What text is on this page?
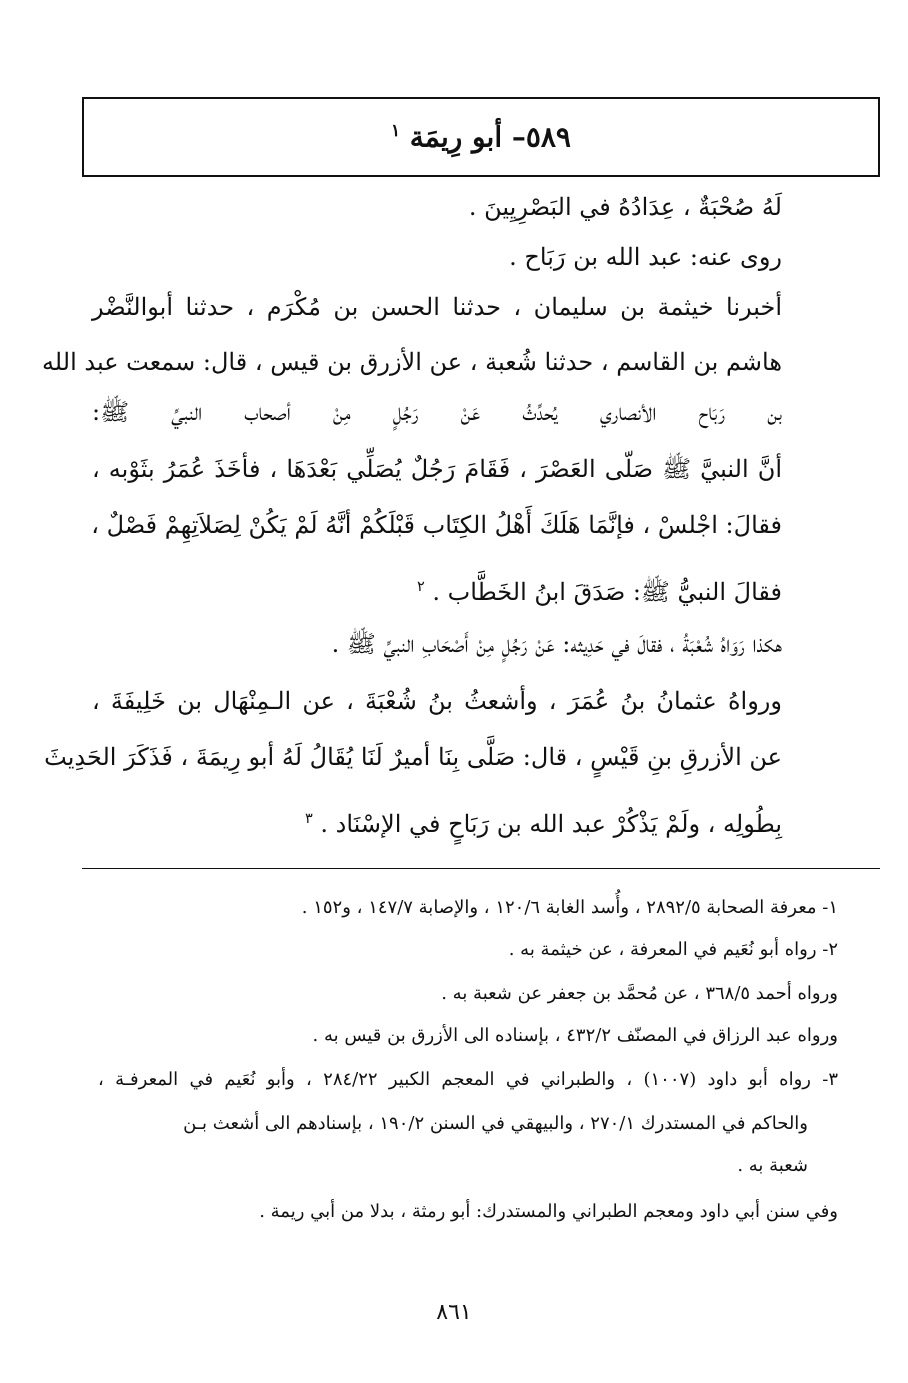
٥٨٩– أبو رِيمَة $^١$
لَهُ صُحْبَةٌ ، عِدَادُهُ في البَصْرِيِينَ .
روى عنه: عبد الله بن رَبَاح .
أخبرنا خيثمة بن سليمان ، حدثنا الحسن بن مُكْرَم ، حدثنا أبوالنَّضْر
هاشم بن القاسم ، حدثنا شُعبة ، عن الأزرق بن قيس ، قال: سمعت عبد الله
بن رَبَاح الأنصاري يُحدِّثُ عَنْ رَجُلٍ مِنْ أصحاب النبيِّ ﷺ:
أنَّ النبيَّ ﷺ صَلّى العَصْرَ ، فَقَامَ رَجُلٌ يُصَلِّي بَعْدَهَا ، فأخَذَ عُمَرُ بثَوْبه ،
فقالَ: اجْلسْ ، فإنَّمَا هَلَكَ أَهْلُ الكِتَاب قَبْلَكُمْ أنَّهُ لَمْ يَكُنْ لِصَلاَتِهِمْ فَصْلٌ ،
فقالَ النبيُّ ﷺ: صَدَقَ ابنُ الخَطَّاب . $^٢$
هكذا رَوَاهُ شُعْبَةُ ، فقالَ في حَدِيثه: عَنْ رَجُلٍ مِنْ أَصْحَابِ النبيِّ ﷺ .
ورواهُ عثمانُ بنُ عُمَرَ ، وأشعثُ بنُ شُعْبَةَ ، عن الـمِنْهَال بن خَلِيفَةَ ،
عن الأزرقِ بنِ قَيْسٍ ، قال: صَلَّى بِنَا أميرٌ لَنَا يُقَالُ لَهُ أبو رِيمَةَ ، فَذَكَرَ الحَدِيثَ
بِطُولِه ، ولَمْ يَذْكُرْ عبد الله بن رَبَاحٍ في الإسْنَاد . $^٣$
١- معرفة الصحابة ٢٨٩٢/٥ ، وأُسد الغابة ١٢٠/٦ ، والإصابة ١٤٧/٧ ، و١٥٢ .
٢- رواه أبو نُعَيم في المعرفة ، عن خيثمة به .
ورواه أحمد ٣٦٨/٥ ، عن مُحمَّد بن جعفر عن شعبة به .
ورواه عبد الرزاق في المصنّف ٤٣٢/٢ ، بإسناده الى الأزرق بن قيس به .
٣- رواه أبو داود (١٠٠٧) ، والطبراني في المعجم الكبير ٢٨٤/٢٢ ، وأبو نُعَيم في المعرفـة ،
والحاكم في المستدرك ٢٧٠/١ ، والبيهقي في السنن ١٩٠/٢ ، بإسنادهم الى أشعث بـن
شعبة به .
وفي سنن أبي داود ومعجم الطبراني والمستدرك: أبو رمثة ، بدلا من أبي ريمة .
٨٦١
